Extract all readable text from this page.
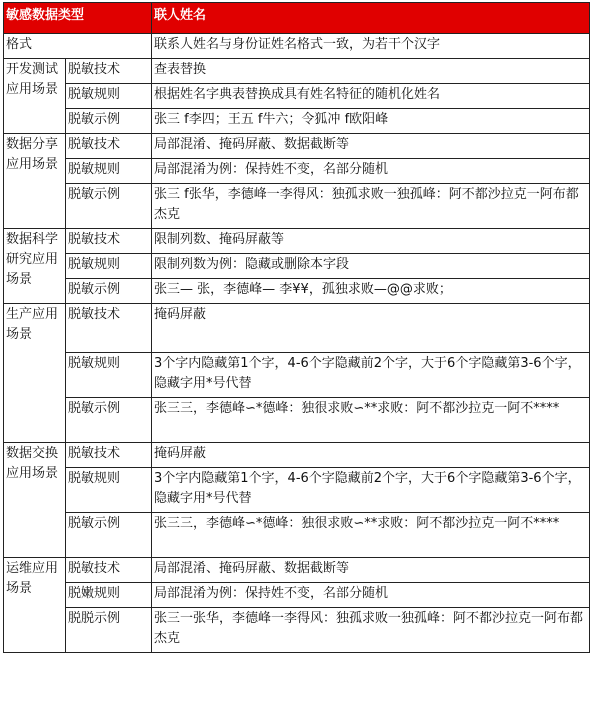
敏感数据类型		联人姓名
格式		联系人姓名与身份证姓名格式一致，为若干个汉字
开发测试应用场景	脱敏技术	查表替换
	脱敏规则	根据姓名字典表替换成具有姓名特征的随机化姓名
	脱敏示例	张三 f李四；王五 f牛六；令狐冲 f欧阳峰
数据分享应用场景	脱敏技术	局部混淆、掩码屏蔽、数据截断等
	脱敏规则	局部混淆为例：保持姓不变，名部分随机
	脱敏示例	张三 f张华，李德峰一李得风：独孤求败一独孤峰：阿不都沙拉克一阿布都杰克
数据科学研究应用场景	脱敏技术	限制列数、掩码屏蔽等
	脱敏规则	限制列数为例：隐藏或删除本字段
	脱敏示例	张三— 张，李德峰— 李¥¥，孤独求败—@@求败；
生产应用场景	脱敏技术	掩码屏蔽
	脱敏规则	3个字内隐藏第1个字，4-6个字隐藏前2个字，大于6个字隐藏第3-6个字，隐藏字用*号代替
	脱敏示例	张三三，李德峰∽*德峰：独很求败∽**求败：阿不都沙拉克一阿不****
数据交换应用场景	脱敏技术	掩码屏蔽
	脱敏规则	3个字内隐藏第1个字，4-6个字隐藏前2个字，大于6个字隐藏第3-6个字，隐藏字用*号代替
	脱敏示例	张三三，李德峰∽*德峰：独很求败∽**求败：阿不都沙拉克一阿不****
运维应用场景	脱敏技术	局部混淆、掩码屏蔽、数据截断等
	脱嫩规则	局部混淆为例：保持姓不变，名部分随机
	脱脱示例	张三一张华，李德峰一李得风：独孤求败一独孤峰：阿不都沙拉克一阿布都杰克
